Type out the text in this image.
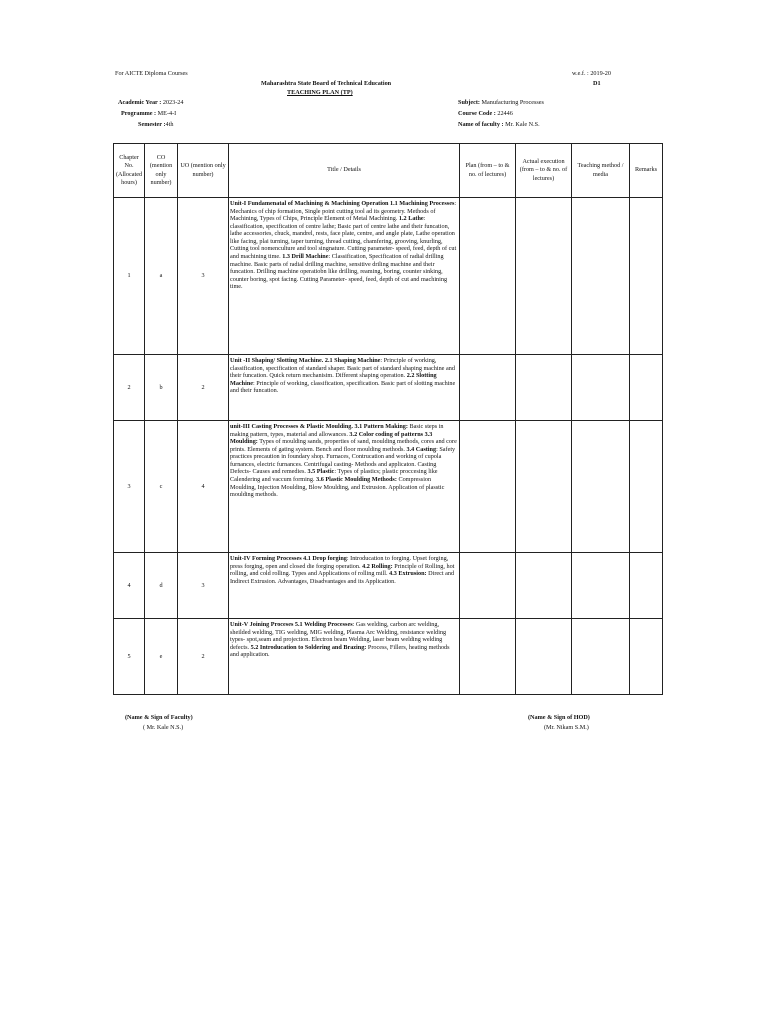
For AICTE Diploma Courses	w.e.f. : 2019-20
D1
Maharashtra State Board of Technical Education
TEACHING PLAN (TP)
Academic Year : 2023-24
Programme : ME-4-I
Semester :4th
Subject: Manufacturing Processes
Course Code : 22446
Name of faculty : Mr. Kale N.S.
Chapter No. (Allocated hours)	CO (mention only number)	UO (mention only number)	Title / Details	Plan (from – to & no. of lectures)	Actual execution (from – to & no. of lectures)	Teaching method / media	Remarks
1	a	3	Unit-I Fundamenatal of Machining & Machining Operation 1.1 Machining Processes: Mechanics of chip formation, Single point cutting tool ad its geometry. Methods of Machining, Types of Chips, Principle Element of Metal Machining. 1.2 Lathe: classification, specification of centre lathe; Basic part of centre lathe and their funcation, lathe accessories, chuck, mandrel, rests, face plate, centre, and angle plate, Lathe operation like facing, plai turning, taper turning, thread cutting, chamfering, grooving, knurling, Cutting tool nomenculture and tool singnature. Cutting parameter- speed, feed, depth of cut and machining time. 1.3 Drill Machine: Classification, Specification of radial drilling machine. Basic parts of radial drilling machine, sensitive driling machine and their funcation. Drilling machine operatiobn like drilling, reaming, boring, counter sinking, counter boring, spot facing. Cutting Parameter- speed, feed, depth of cut and machining time.				
2	b	2	Unit -II Shaping/ Slotting Machine. 2.1 Shaping Machine: Principle of working, classification, specification of standard shaper. Basic part of standard shaping machine and their funcation. Quick return mechanisim. Different shaping operation. 2.2 Slotting Machine: Principle of working, classification, specification. Basic part of slotting machine and their funcation.				
3	c	4	unit-III Casting Processes & Plastic Moulding. 3.1 Pattern Making: Basic steps in making pattern, types, material and allowances. 3.2 Color coding of patterns 3.3 Moulding: Types of moulding sands, properties of sand, moulding methods, cores and core prints. Elements of gating system. Bench and floor moulding methods. 3.4 Casting: Safety practices precaution in foundary shop. Furnaces, Contrucation and working of cupola furnances, electric furnances. Centrifugal casting- Methods and applicaton. Casting Defects- Causes and remedies. 3.5 Plastic: Types of plastics; plastic proccesing like Calendering and vaccum forming. 3.6 Plastic Moulding Methods: Compression Moulding, Injection Moulding, Blow Moulding, and Extrusion. Application of plasstic moulding methods.				
4	d	3	Unit-IV Forming Processes 4.1 Drop forging: Introducation to forging. Upset forging, press forging, open and closed die forging operation. 4.2 Rolling: Principle of Rolling, hot rolling, and cold rolling. Types and Applications of rolling mill. 4.3 Extrusion: Direct and Indirect Extrusion. Advantages, Disadvantages and its Application.				
5	e	2	Unit-V Joining Proceses 5.1 Welding Processes: Gas welding, carbon arc welding, sheilded welding, TIG welding, MIG welding, Plasma Arc Welding, resistance welding types- spot,seam and projection. Electron beam Welding, laser beam welding welding defects. 5.2 Introducation to Soldering and Brazing: Process, Fillers, heating methods and application.				
(Name & Sign of Faculty)
( Mr. Kale N.S.)
(Name & Sign of HOD)
(Mr. Nikam S.M.)
